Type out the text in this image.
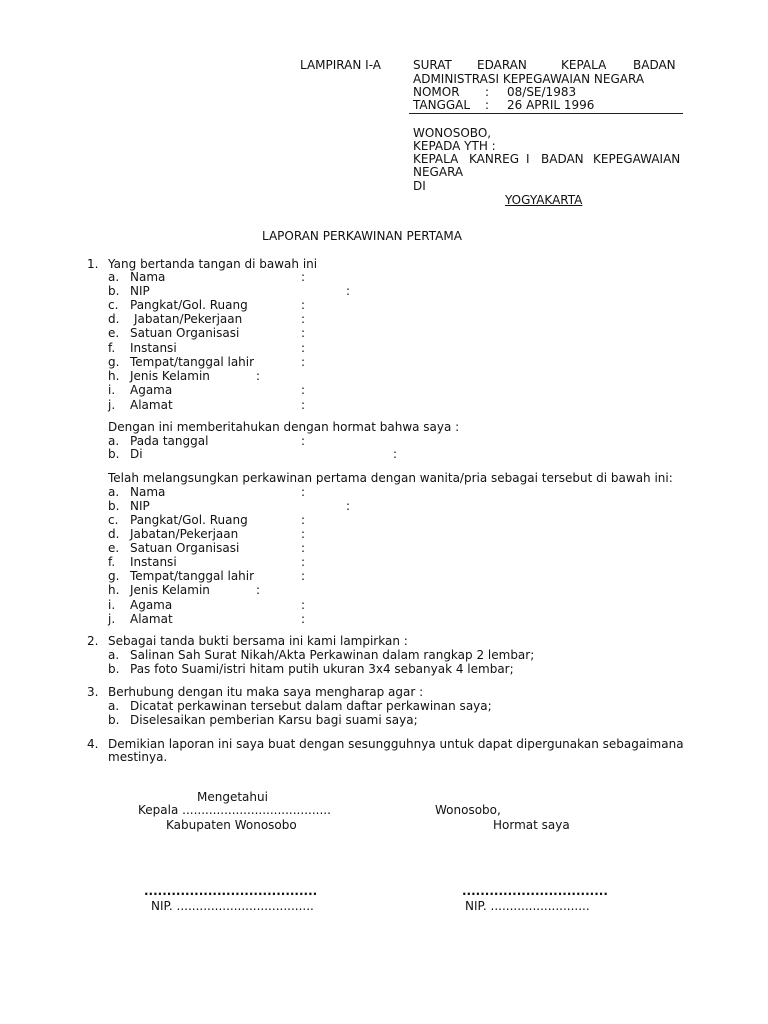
LAMPIRAN I-A	SURAT EDARAN	KEPALA BADAN
ADMINISTRASI KEPEGAWAIAN NEGARA
NOMOR : 08/SE/1983
TANGGAL : 26 APRIL 1996
WONOSOBO,
KEPADA YTH :
KEPALA KANREG I BADAN KEPEGAWAIAN
NEGARA
DI
YOGYAKARTA
LAPORAN PERKAWINAN PERTAMA
1. Yang bertanda tangan di bawah ini
a. Nama	:
b. NIP	:
c. Pangkat/Gol. Ruang	:
d. Jabatan/Pekerjaan	:
e. Satuan Organisasi	:
f. Instansi	:
g. Tempat/tanggal lahir	:
h. Jenis Kelamin	:
i. Agama	:
j. Alamat	:
Dengan ini memberitahukan dengan hormat bahwa saya :
a. Pada tanggal	:
b. Di	:
Telah melangsungkan perkawinan pertama dengan wanita/pria sebagai tersebut di bawah ini:
a. Nama	:
b. NIP	:
c. Pangkat/Gol. Ruang	:
d. Jabatan/Pekerjaan	:
e. Satuan Organisasi	:
f. Instansi	:
g. Tempat/tanggal lahir	:
h. Jenis Kelamin	:
i. Agama	:
j. Alamat	:
2. Sebagai tanda bukti bersama ini kami lampirkan :
a. Salinan Sah Surat Nikah/Akta Perkawinan dalam rangkap 2 lembar;
b. Pas foto Suami/istri hitam putih ukuran 3x4 sebanyak 4 lembar;
3. Berhubung dengan itu maka saya mengharap agar :
a. Dicatat perkawinan tersebut dalam daftar perkawinan saya;
b. Diselesaikan pemberian Karsu bagi suami saya;
4. Demikian laporan ini saya buat dengan sesungguhnya untuk dapat dipergunakan sebagaimana
mestinya.
Mengetahui
Kepala .......................................
Kabupaten Wonosobo
Wonosobo,
Hormat saya
......................................
NIP. ....................................
................................
NIP. ..........................
